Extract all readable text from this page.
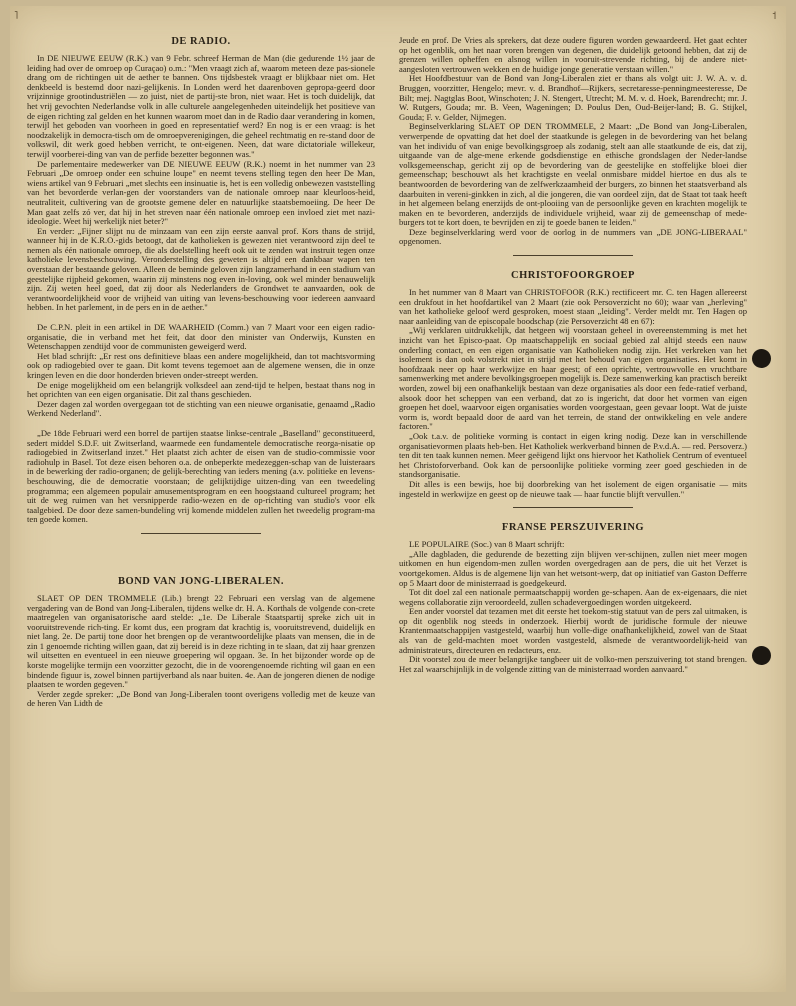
˥	˦
DE RADIO.

In DE NIEUWE EEUW (R.K.) van 9 Febr. schreef Herman de Man (die gedurende 1½ jaar de leiding had over de omroep op Curaçao) o.m.: "Men vraagt zich af, waarom meteen deze pas-sionele drang om de richtingen uit de aether te bannen. Ons tijdsbestek vraagt er blijkbaar niet om. Het denkbeeld is bestemd door nazi-gelijkenis. In Londen werd het daarenboven gepropa-geerd door vrijzinnige grootindustriëlen — zo juist, niet de partij-ste bron, niet waar. Het is toch duidelijk, dat het vrij gevochten Nederlandse volk in alle culturele aangelegenheden uiteindelijk het positieve van de eigen richting zal gelden en het kunnen waarom moet dan in de Radio daar verandering in komen, terwijl het geboden van voorheen in goed en representatief werd? En nog is er een vraag: is het noodzakelijk in democra-tisch om de omroepverenigingen, die geheel rechtmatig en re-stand door de volkswil, dit werk goed hebben verricht, te ont-eigenen. Neen, dat ware dictatoriale willekeur, terwijl voorberei-ding van van de perfide bezetter begonnen was."

De parlementaire medewerker van DE NIEUWE EEUW (R.K.) noemt in het nummer van 23 Februari „De omroep onder een schuine loupe" en neemt tevens stelling tegen den heer De Man, wiens artikel van 9 Februari „met slechts een insinuatie is, het is een volledig onbewezen vaststelling van het bevorderde verlan-gen der voorstanders van de nationale omroep naar kleurloos-heid, neutraliteit, cultivering van de grootste gemene deler en natuurlijke staatsbemoeiing. De heer De Man gaat zelfs zó ver, dat hij in het streven naar één nationale omroep een invloed ziet met nazi-ideologie. Weet hij werkelijk niet beter?"

En verder: „Fijner slijpt nu de minzaam van een zijn eerste aanval prof. Kors thans de strijd, wanneer hij in de K.R.O.-gids betoogt, dat de katholieken is gewezen niet verantwoord zijn deel te nemen als één nationale omroep, die als doelstelling heeft ook uit te zenden wat instruit tegen onze katholieke levensbeschouwing. Veronderstelling des geweten is altijd een dankbaar wapen ten overstaan der bestaande geloven. Alleen de beminde geloven zijn langzamerhand in een stadium van geestelijke rijpheid gekomen, waarin zij minstens nog even in-loving, ook wel minder benauwelijk zijn. Zij weten heel goed, dat zij door als Nederlanders de Grondwet te aanvaarden, ook de verantwoordelijkheid voor de vrijheid van uiting van levens-beschouwing voor iedereen aanvaard hebben. In het parlement, in de pers en in de aether."

De C.P.N. pleit in een artikel in DE WAARHEID (Comm.) van 7 Maart voor een eigen radio-organisatie, die in verband met het feit, dat door den minister van Onderwijs, Kunsten en Wetenschappen zendtijd voor de communisten geweigerd werd.

Het blad schrijft: „Er rest ons definitieve blaas een andere mogelijkheid, dan tot machtsvorming ook op radiogebied over te gaan. Dit komt tevens tegemoet aan de algemene wensen, die in onze kringen leven en die door honderden brieven onder-streept werden.

De enige mogelijkheid om een belangrijk volksdeel aan zend-tijd te helpen, bestaat thans nog in het oprichten van een eigen organisatie. Dit zal thans geschieden.

Dezer dagen zal worden overgegaan tot de stichting van een nieuwe organisatie, genaamd „Radio Werkend Nederland".

„De 18de Februari werd een borrel de partijen staatse linkse-centrale „Baselland" geconstitueerd, sedert middel S.D.F. uit Zwitserland, waarmede een fundamentele democratische reorga-nisatie op radiogebied in Zwitserland inzet." Het plaatst zich achter de eisen van de studio-commissie voor radiohulp in Basel. Tot deze eisen behoren o.a. de onbeperkte medezeggen-schap van de luisteraars in de bewerking der radio-organen; de gelijk-berechting van ieders mening (a.v. politieke en levens-beschouwing, die de democratie voorstaan; de gelijktijdige uitzen-ding van een tweedeling programma; een algemeen populair amusementsprogram en een hoogstaand cultureel program; het uit de weg ruimen van het versnipperde radio-wezen en de op-richting van studio's voor elk taalgebied. De door deze samen-bundeling vrij komende middelen zullen het tweedelig program-ma ten goede komen.

BOND VAN JONG-LIBERALEN.

SLAET OP DEN TROMMELE (Lib.) brengt 22 Februari een verslag van de algemene vergadering van de Bond van Jong-Liberalen, tijdens welke dr. H. A. Korthals de volgende con-crete maatregelen van organisatorische aard stelde: „1e. De Liberale Staatspartij spreke zich uit in vooruitstrevende rich-ting. Er komt dus, een program dat krachtig is, vooruitstrevend, duidelijk en niet lang. 2e. De partij tone door het brengen op de verantwoordelijke plaats van mensen, die in de zin 1 genoemde richting willen gaan, dat zij bereid is in deze richting in te slaan, dat zij haar grenzen wil uitsetten en eventueel in een nieuwe groepering wil opgaan. 3e. In het bijzonder worde op de korste mogelijke termijn een voorzitter gezocht, die in de voorengenoemde richting wil gaan en een bindende figuur is, zowel binnen partijverband als naar buiten. 4e. Aan de jongeren dienen de nodige plaatsen te worden gegeven."

Verder zegde spreker: „De Bond van Jong-Liberalen toont overigens volledig met de keuze van de heren Van Lidth de

Jeude en prof. De Vries als sprekers, dat deze oudere figuren worden gewaardeerd. Het gaat echter op het ogenblik, om het naar voren brengen van degenen, die duidelijk getoond hebben, dat zij de grenzen willen opheffen en alsnog willen in vooruit-strevende richting, bij de andere niet-aangesloten vertrouwen wekken en de huidige jonge generatie verstaan willen."

Het Hoofdbestuur van de Bond van Jong-Liberalen ziet er thans als volgt uit: J. W. A. v. d. Bruggen, voorzitter, Hengelo; mevr. v. d. Brandhof—Rijkers, secretaresse-penningmeesteresse, De Bilt; mej. Nagtglas Boot, Winschoten; J. N. Stengert, Utrecht; M. M. v. d. Hoek, Barendrecht; mr. J. W. Rutgers, Gouda; mr. B. Veen, Wageningen; D. Poulus Den, Oud-Beijer-land; B. G. Stijkel, Gouda; F. v. Gelder, Nijmegen.

Beginselverklaring SLAET OP DEN TROMMELE, 2 Maart: „De Bond van Jong-Liberalen, verwerpende de opvatting dat het doel der staatkunde is gelegen in de bevordering van het belang van het individu of van enige bevolkingsgroep als zodanig, stelt aan alle staatkunde de eis, dat zij, uitgaande van de alge-mene erkende godsdienstige en ethische grondslagen der Neder-landse volksgemeenschap, gericht zij op de bevordering van de geestelijke en stoffelijke bloei dier gemeenschap; beschouwt als het krachtigste en veelal onmisbare middel hiertoe en dus als te beantwoorden de bevordering van de zelfwerkzaamheid der burgers, zo binnen het staatsverband als daarbuiten in vereni-ginkken in zich, al die jongeren, die van oordeel zijn, dat de Staat tot taak heeft in het algemeen belang enerzijds de ont-plooiing van de persoonlijke geven en krachten mogelijk te maken en te bevorderen, anderzijds de individuele vrijheid, waar zij de gemeenschap of mede-burgers tot te kort doen, te bevrijden en zij te goede banen te leiden."

Deze beginselverklaring werd voor de oorlog in de nummers van „DE JONG-LIBERAAL" opgenomen.

CHRISTOFOORGROEP

In het nummer van 8 Maart van CHRISTOFOOR (R.K.) rectificeert mr. C. ten Hagen allereerst een drukfout in het hoofdartikel van 2 Maart (zie ook Persoverzicht no 60); waar van „herleving" van het katholieke geloof werd gesproken, moest staan „leiding". Verder meldt mr. Ten Hagen op naar aanleiding van de episcopale boodschap (zie Persoverzicht 48 en 67):

„Wij verklaren uitdrukkelijk, dat hetgeen wij voorstaan geheel in overeenstemming is met het inzicht van het Episco-paat. Op maatschappelijk en sociaal gebied zal altijd steeds een nauw onderling contact, en een eigen organisatie van Katholieken nodig zijn. Het verkreken van het isolement is dan ook volstrekt niet in strijd met het behoud van eigen organisaties. Het komt in hoofdzaak neer op haar werkwijze en haar geest; of een oprichte, vertrouwvolle en vruchtbare samenwerking met andere bevolkingsgroepen mogelijk is. Deze samenwerking kan practisch bereikt worden, zowel bij een onafhankelijk bestaan van deze organisaties als door een fede-ratief verband, alsook door het scheppen van een verband, dat zo is ingericht, dat door het vormen van eigen groepen het doel, waarvoor eigen organisaties worden voorgestaan, geen gevaar loopt. Wat de juiste vorm is, wordt bepaald door de aard van het terrein, de stand der ontwikkeling en vele andere factoren."

„Ook t.a.v. de politieke vorming is contact in eigen kring nodig. Deze kan in verschillende organisatievormen plaats heb-ben. Het Katholiek werkverband binnen de P.v.d.A. — red. Persoverz.) ten dit ten taak kunnen nemen. Meer geëigend lijkt ons hiervoor het Katholiek Centrum of eventueel het Christoforverband. Ook kan de persoonlijke politieke vorming zeer goed geschieden in de standsorganisatie.

Dit alles is een bewijs, hoe bij doorbreking van het isolement de eigen organisatie — mits ingesteld in werkwijze en geest op de nieuwe taak — haar functie blijft vervullen."

FRANSE PERSZUIVERING

LE POPULAIRE (Soc.) van 8 Maart schrijft:

„Alle dagbladen, die gedurende de bezetting zijn blijven ver-schijnen, zullen niet meer mogen uitkomen en hun eigendom-men zullen worden overgedragen aan de pers, die uit het Verzet is voortgekomen. Aldus is de algemene lijn van het wetsont-werp, dat op initiatief van Gaston Defferre op 5 Maart door de ministerraad is goedgekeurd.

Tot dit doel zal een nationale permaatschappij worden ge-schapen. Aan de ex-eigenaars, die niet wegens collaboratie zijn veroordeeld, zullen schadevergoedingen worden uitgekeerd.

Een ander voorstel dat tezamen met dit eerste het toekom-stig statuut van de pers zal uitmaken, is op dit ogenblik nog steeds in onderzoek. Hierbij wordt de juridische formule der nieuwe Krantenmaatschappijen vastgesteld, waarbij hun volle-dige onafhankelijkheid, zowel van de Staat als van de geld-machten moet worden vastgesteld, alsmede de verantwoordelijk-heid van administrateurs, directeuren en redacteurs, enz.

Dit voorstel zou de meer belangrijke tangbeer uit de volko-men perszuivering tot stand brengen. Het zal waarschijnlijk in de volgende zitting van de ministerraad worden aanvaard."
